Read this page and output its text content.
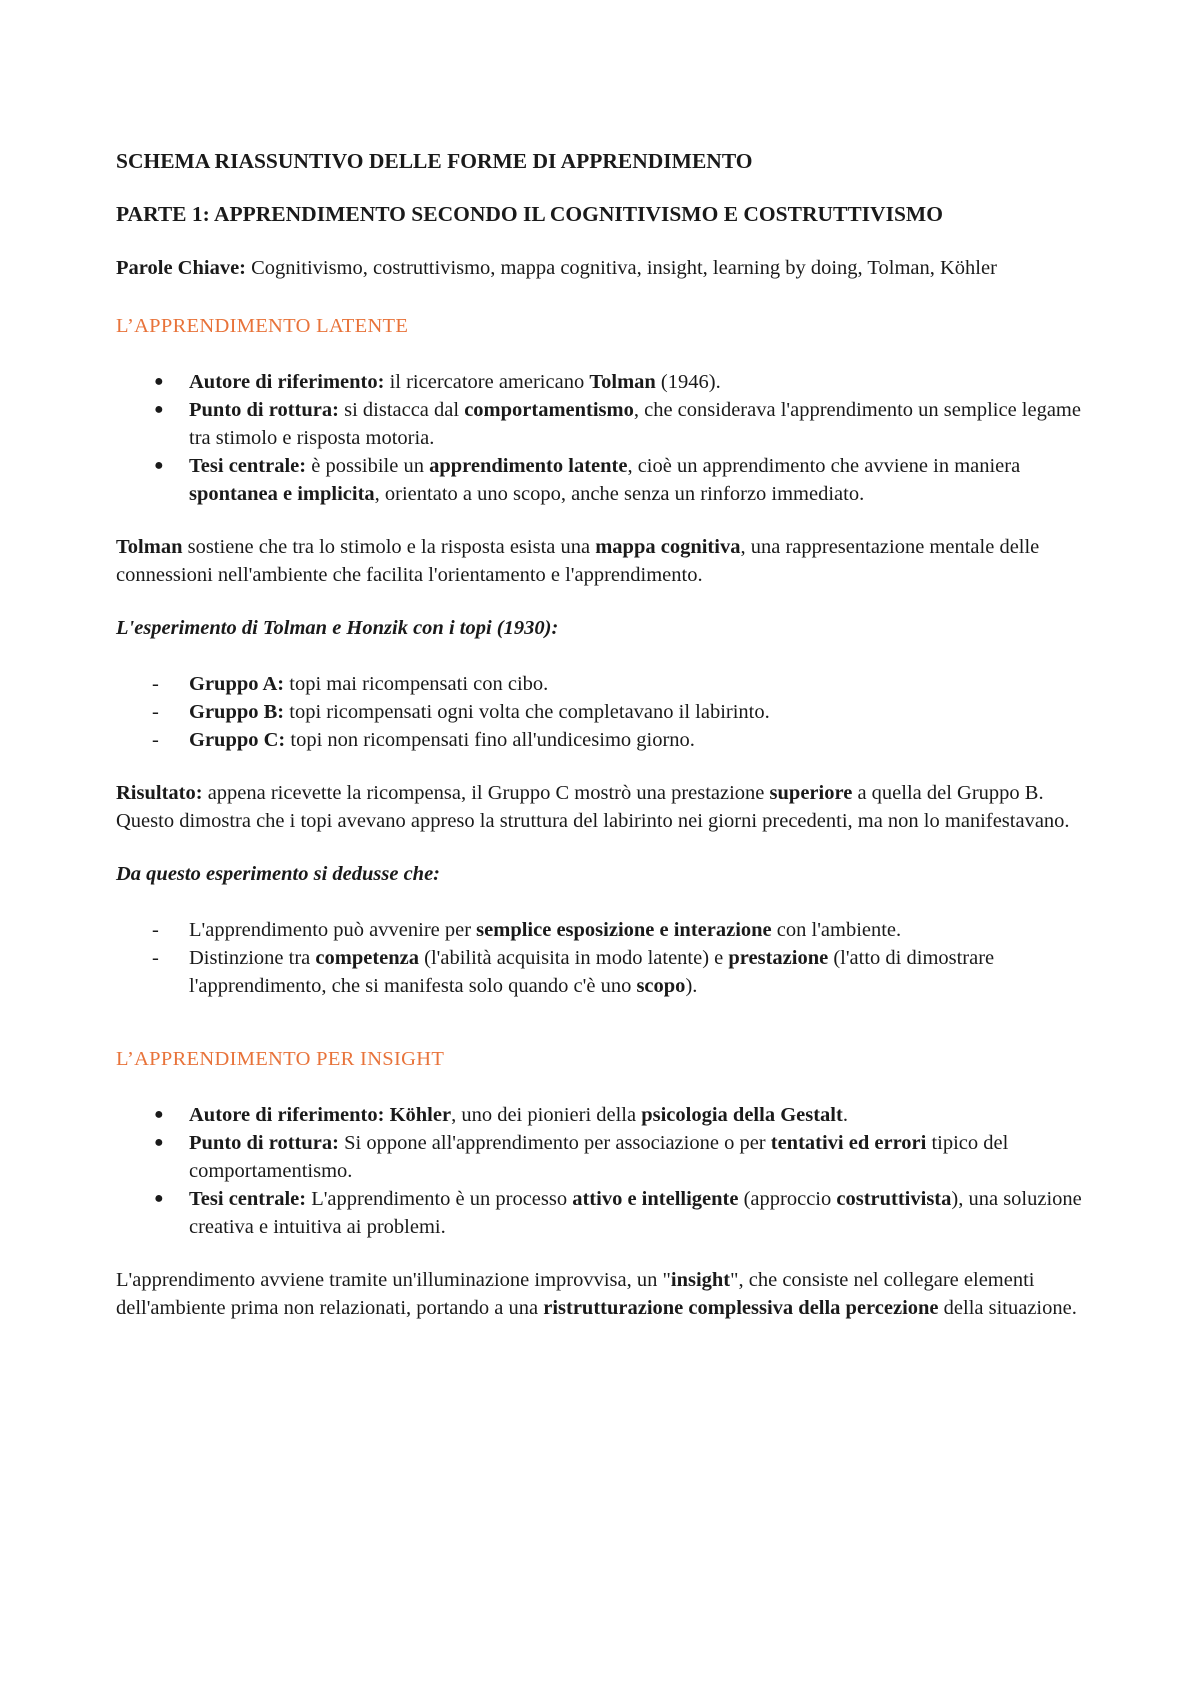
SCHEMA RIASSUNTIVO DELLE FORME DI APPRENDIMENTO
PARTE 1: APPRENDIMENTO SECONDO IL COGNITIVISMO E COSTRUTTIVISMO

Parole Chiave: Cognitivismo, costruttivismo, mappa cognitiva, insight, learning by doing, Tolman, Köhler

L’APPRENDIMENTO LATENTE
● Autore di riferimento: il ricercatore americano Tolman (1946).
● Punto di rottura: si distacca dal comportamentismo, che considerava l'apprendimento un semplice legame tra stimolo e risposta motoria.
● Tesi centrale: è possibile un apprendimento latente, cioè un apprendimento che avviene in maniera spontanea e implicita, orientato a uno scopo, anche senza un rinforzo immediato.

Tolman sostiene che tra lo stimolo e la risposta esista una mappa cognitiva, una rappresentazione mentale delle connessioni nell'ambiente che facilita l'orientamento e l'apprendimento.

L'esperimento di Tolman e Honzik con i topi (1930):

- Gruppo A: topi mai ricompensati con cibo.
- Gruppo B: topi ricompensati ogni volta che completavano il labirinto.
- Gruppo C: topi non ricompensati fino all'undicesimo giorno.

Risultato: appena ricevette la ricompensa, il Gruppo C mostrò una prestazione superiore a quella del Gruppo B. Questo dimostra che i topi avevano appreso la struttura del labirinto nei giorni precedenti, ma non lo manifestavano.

Da questo esperimento si dedusse che:

- L'apprendimento può avvenire per semplice esposizione e interazione con l'ambiente.
- Distinzione tra competenza (l'abilità acquisita in modo latente) e prestazione (l'atto di dimostrare l'apprendimento, che si manifesta solo quando c'è uno scopo).
L’APPRENDIMENTO PER INSIGHT
● Autore di riferimento: Köhler, uno dei pionieri della psicologia della Gestalt.
● Punto di rottura: Si oppone all'apprendimento per associazione o per tentativi ed errori tipico del comportamentismo.
● Tesi centrale: L'apprendimento è un processo attivo e intelligente (approccio costruttivista), una soluzione creativa e intuitiva ai problemi.

L'apprendimento avviene tramite un'illuminazione improvvisa, un "insight", che consiste nel collegare elementi dell'ambiente prima non relazionati, portando a una ristrutturazione complessiva della percezione della situazione.
